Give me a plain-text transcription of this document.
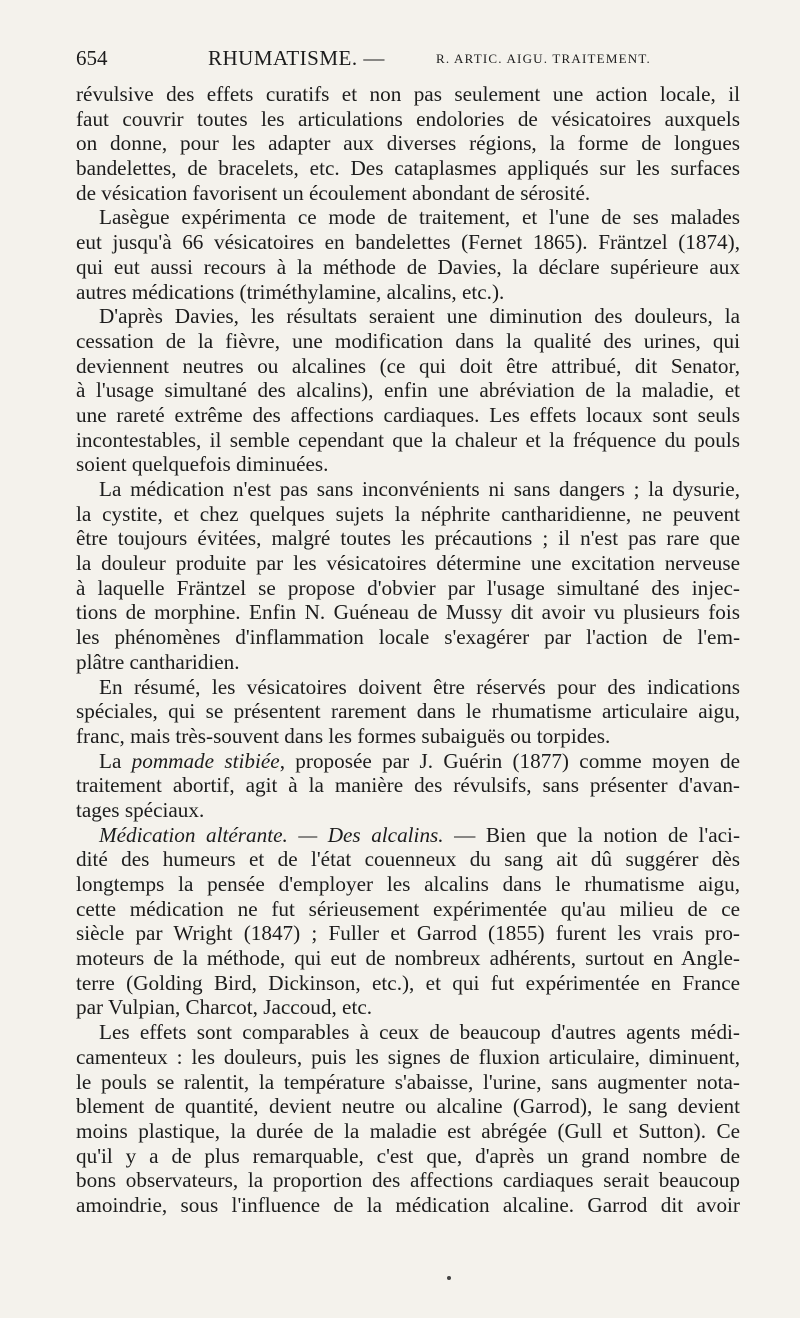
654	RHUMATISME. —	R. ARTIC. AIGU. TRAITEMENT.
révulsive des effets curatifs et non pas seulement une action locale, il
faut couvrir toutes les articulations endolories de vésicatoires auxquels
on donne, pour les adapter aux diverses régions, la forme de longues
bandelettes, de bracelets, etc. Des cataplasmes appliqués sur les surfaces
de vésication favorisent un écoulement abondant de sérosité.
Lasègue expérimenta ce mode de traitement, et l'une de ses malades
eut jusqu'à 66 vésicatoires en bandelettes (Fernet 1865). Fräntzel (1874),
qui eut aussi recours à la méthode de Davies, la déclare supérieure aux
autres médications (triméthylamine, alcalins, etc.).
D'après Davies, les résultats seraient une diminution des douleurs, la
cessation de la fièvre, une modification dans la qualité des urines, qui
deviennent neutres ou alcalines (ce qui doit être attribué, dit Senator,
à l'usage simultané des alcalins), enfin une abréviation de la maladie, et
une rareté extrême des affections cardiaques. Les effets locaux sont seuls
incontestables, il semble cependant que la chaleur et la fréquence du pouls
soient quelquefois diminuées.
La médication n'est pas sans inconvénients ni sans dangers ; la dysurie,
la cystite, et chez quelques sujets la néphrite cantharidienne, ne peuvent
être toujours évitées, malgré toutes les précautions ; il n'est pas rare que
la douleur produite par les vésicatoires détermine une excitation nerveuse
à laquelle Fräntzel se propose d'obvier par l'usage simultané des injec-
tions de morphine. Enfin N. Guéneau de Mussy dit avoir vu plusieurs fois
les phénomènes d'inflammation locale s'exagérer par l'action de l'em-
plâtre cantharidien.
En résumé, les vésicatoires doivent être réservés pour des indications
spéciales, qui se présentent rarement dans le rhumatisme articulaire aigu,
franc, mais très-souvent dans les formes subaiguës ou torpides.
La pommade stibiée, proposée par J. Guérin (1877) comme moyen de
traitement abortif, agit à la manière des révulsifs, sans présenter d'avan-
tages spéciaux.
Médication altérante. — Des alcalins. — Bien que la notion de l'aci-
dité des humeurs et de l'état couenneux du sang ait dû suggérer dès
longtemps la pensée d'employer les alcalins dans le rhumatisme aigu,
cette médication ne fut sérieusement expérimentée qu'au milieu de ce
siècle par Wright (1847) ; Fuller et Garrod (1855) furent les vrais pro-
moteurs de la méthode, qui eut de nombreux adhérents, surtout en Angle-
terre (Golding Bird, Dickinson, etc.), et qui fut expérimentée en France
par Vulpian, Charcot, Jaccoud, etc.
Les effets sont comparables à ceux de beaucoup d'autres agents médi-
camenteux : les douleurs, puis les signes de fluxion articulaire, diminuent,
le pouls se ralentit, la température s'abaisse, l'urine, sans augmenter nota-
blement de quantité, devient neutre ou alcaline (Garrod), le sang devient
moins plastique, la durée de la maladie est abrégée (Gull et Sutton). Ce
qu'il y a de plus remarquable, c'est que, d'après un grand nombre de
bons observateurs, la proportion des affections cardiaques serait beaucoup
amoindrie, sous l'influence de la médication alcaline. Garrod dit avoir
